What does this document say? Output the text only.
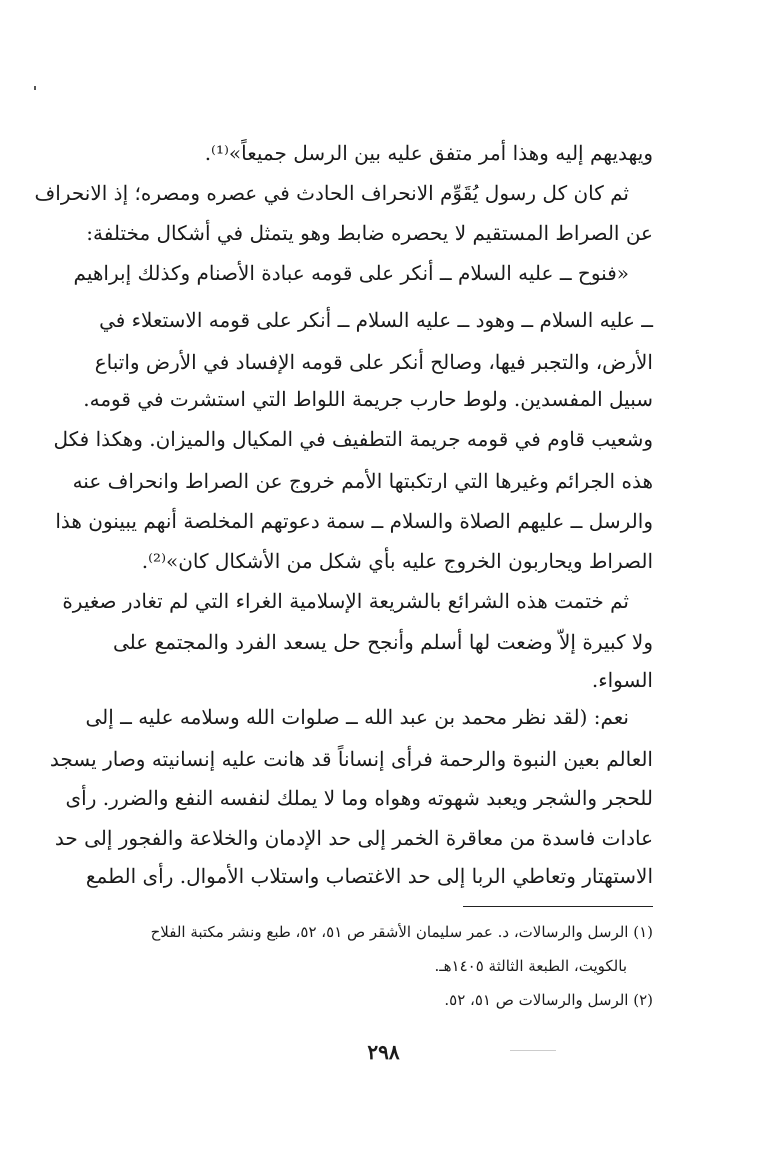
ويهديهم إليه وهذا أمر متفق عليه بين الرسل جميعاً»⁽¹⁾.
ثم كان كل رسول يُقَوِّم الانحراف الحادث في عصره ومصره؛ إذ الانحراف
عن الصراط المستقيم لا يحصره ضابط وهو يتمثل في أشكال مختلفة:
«فنوح ــ عليه السلام ــ أنكر على قومه عبادة الأصنام وكذلك إبراهيم
ــ عليه السلام ــ وهود ــ عليه السلام ــ أنكر على قومه الاستعلاء في
الأرض، والتجبر فيها، وصالح أنكر على قومه الإفساد في الأرض واتباع
سبيل المفسدين. ولوط حارب جريمة اللواط التي استشرت في قومه.
وشعيب قاوم في قومه جريمة التطفيف في المكيال والميزان. وهكذا فكل
هذه الجرائم وغيرها التي ارتكبتها الأمم خروج عن الصراط وانحراف عنه
والرسل ــ عليهم الصلاة والسلام ــ سمة دعوتهم المخلصة أنهم يبينون هذا
الصراط ويحاربون الخروج عليه بأي شكل من الأشكال كان»⁽²⁾.
ثم ختمت هذه الشرائع بالشريعة الإسلامية الغراء التي لم تغادر صغيرة
ولا كبيرة إلاّ وضعت لها أسلم وأنجح حل يسعد الفرد والمجتمع على
السواء.
نعم: (لقد نظر محمد بن عبد الله ــ صلوات الله وسلامه عليه ــ إلى
العالم بعين النبوة والرحمة فرأى إنساناً قد هانت عليه إنسانيته وصار يسجد
للحجر والشجر ويعبد شهوته وهواه وما لا يملك لنفسه النفع والضرر. رأى
عادات فاسدة من معاقرة الخمر إلى حد الإدمان والخلاعة والفجور إلى حد
الاستهتار وتعاطي الربا إلى حد الاغتصاب واستلاب الأموال. رأى الطمع
(١) الرسل والرسالات، د. عمر سليمان الأشقر ص ٥١، ٥٢، طبع ونشر مكتبة الفلاح
بالكويت، الطبعة الثالثة ١٤٠٥هـ.
(٢) الرسل والرسالات ص ٥١، ٥٢.
٢٩٨
